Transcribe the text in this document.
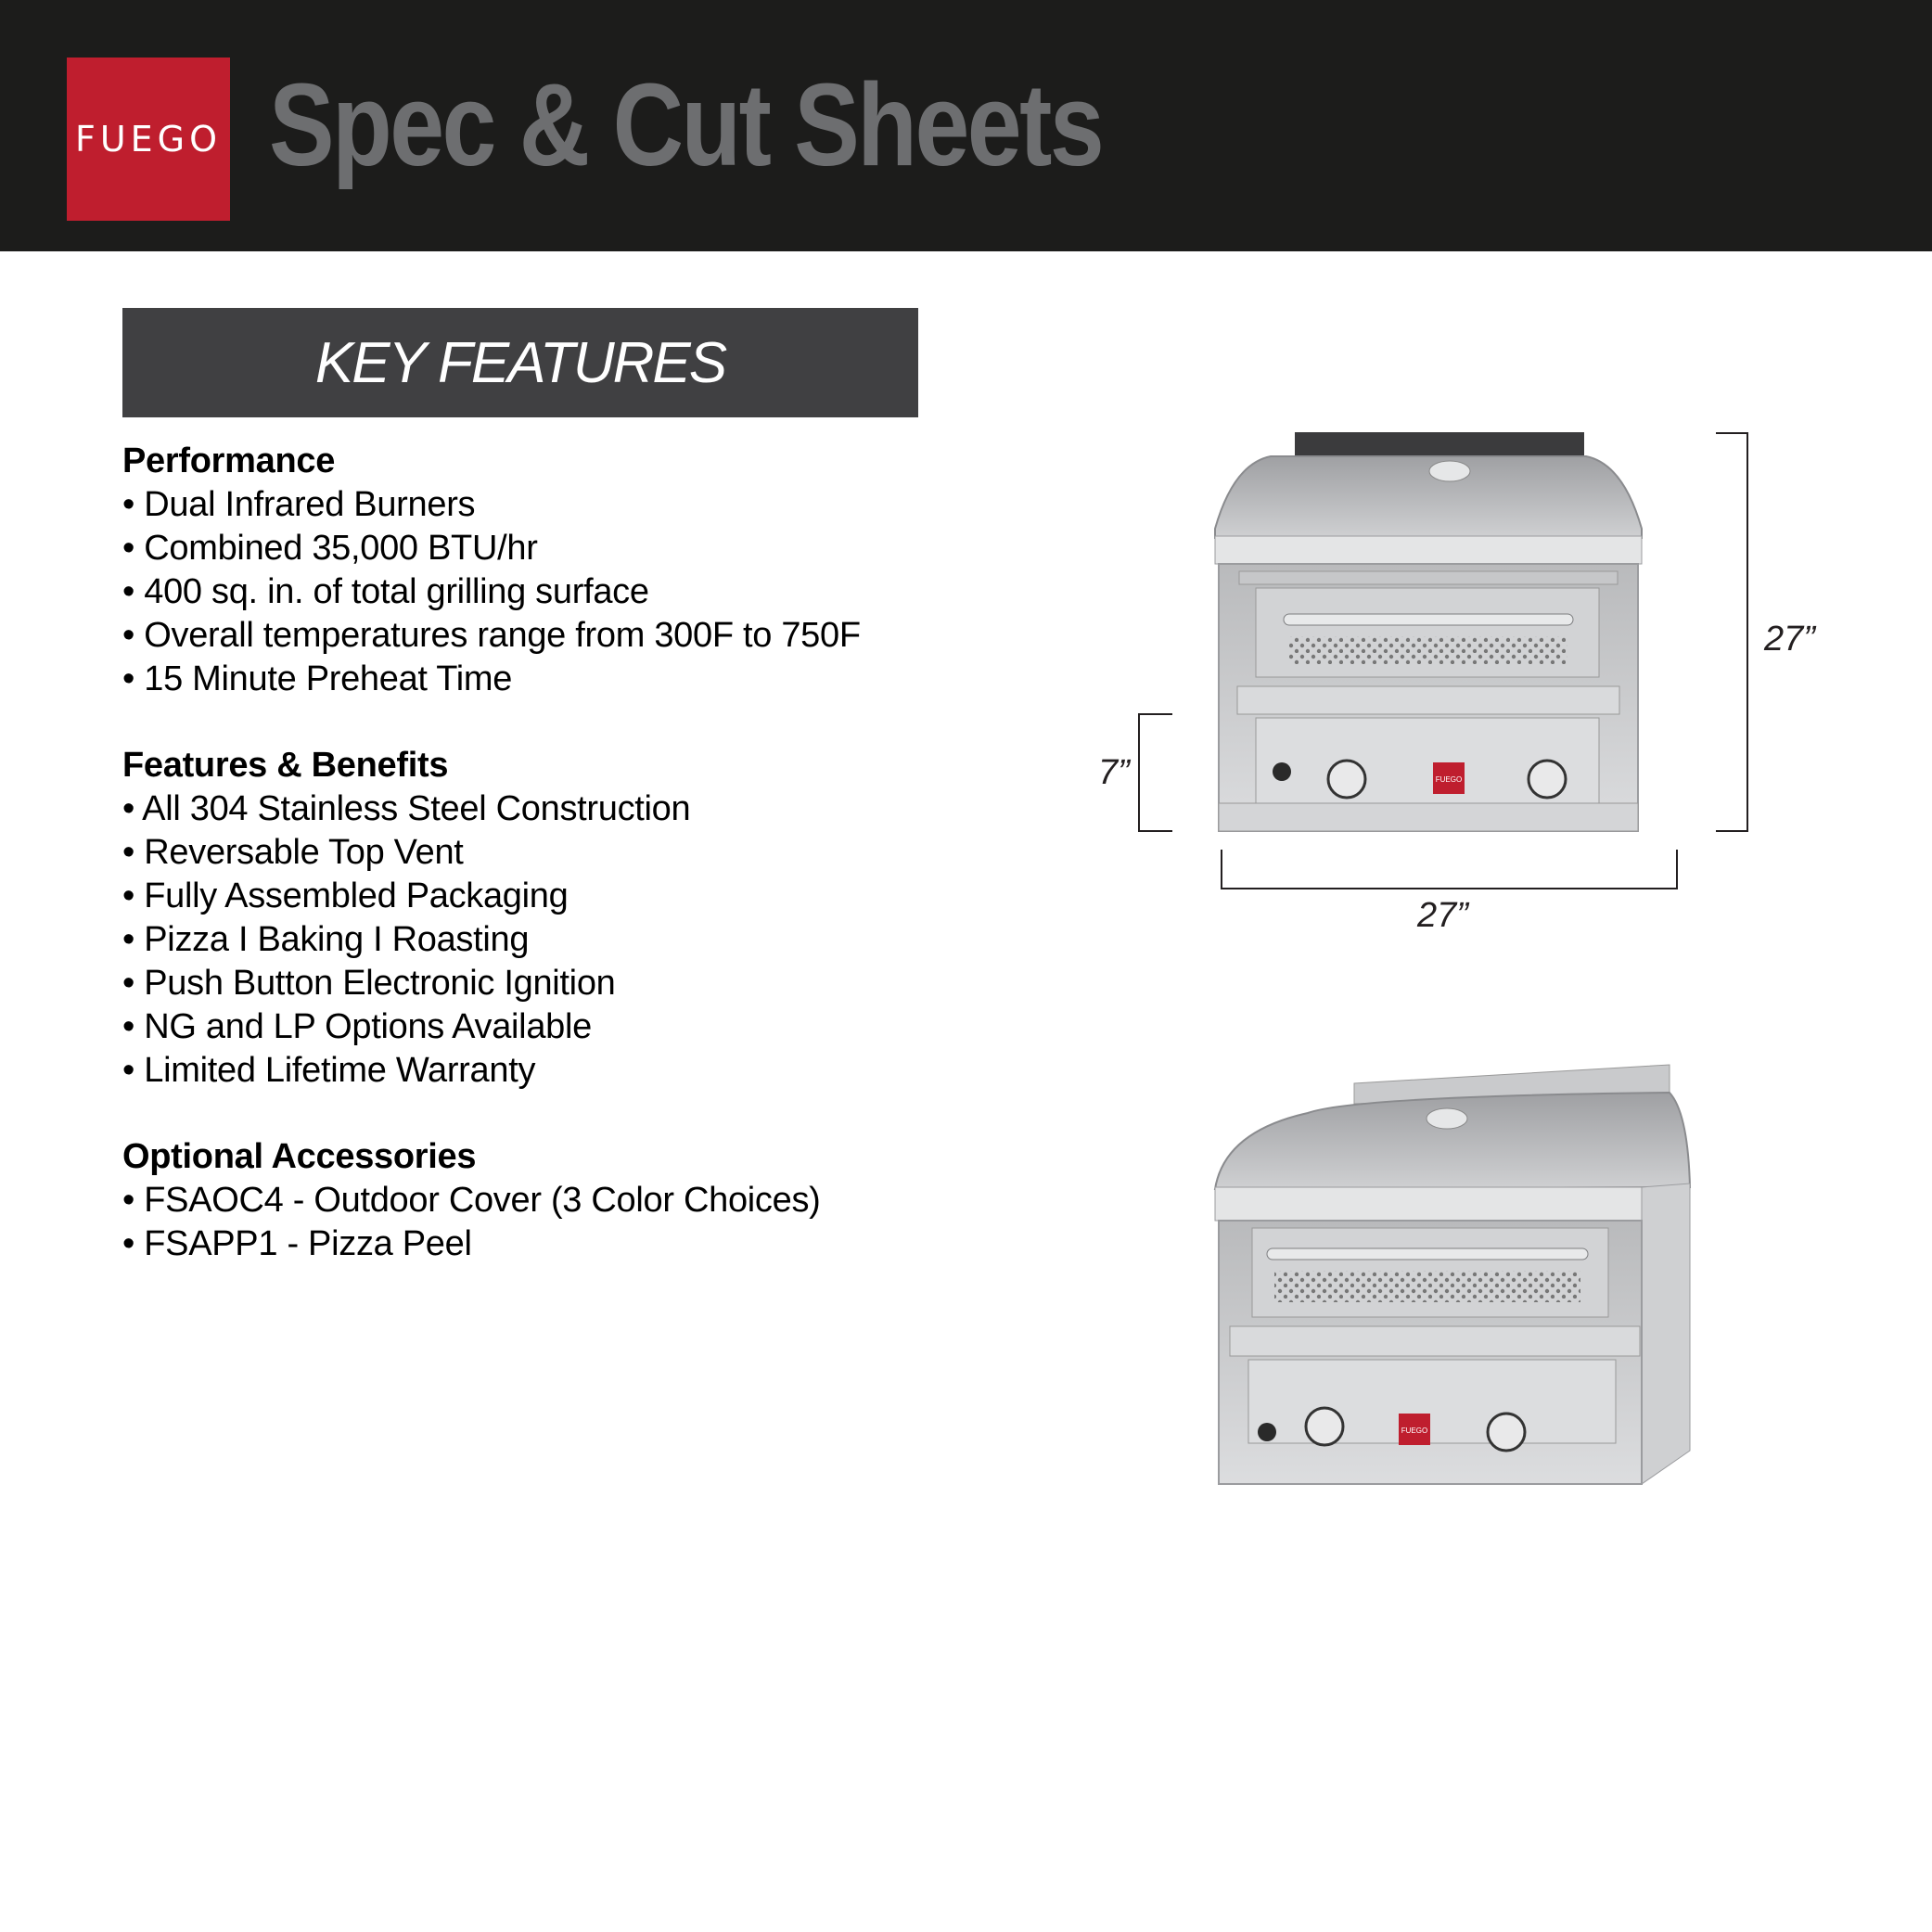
FUEGO Spec & Cut Sheets
KEY FEATURES
Performance
• Dual Infrared Burners
• Combined 35,000 BTU/hr
• 400 sq. in. of total grilling surface
• Overall temperatures range from 300F to 750F
• 15 Minute Preheat Time
Features & Benefits
• All 304 Stainless Steel Construction
• Reversable Top Vent
• Fully Assembled Packaging
• Pizza I Baking I Roasting
• Push Button Electronic Ignition
• NG and LP Options Available
• Limited Lifetime Warranty
Optional Accessories
• FSAOC4 - Outdoor Cover (3 Color Choices)
• FSAPP1 - Pizza Peel
FUEGO
FUEGO
27”
27”
7”
